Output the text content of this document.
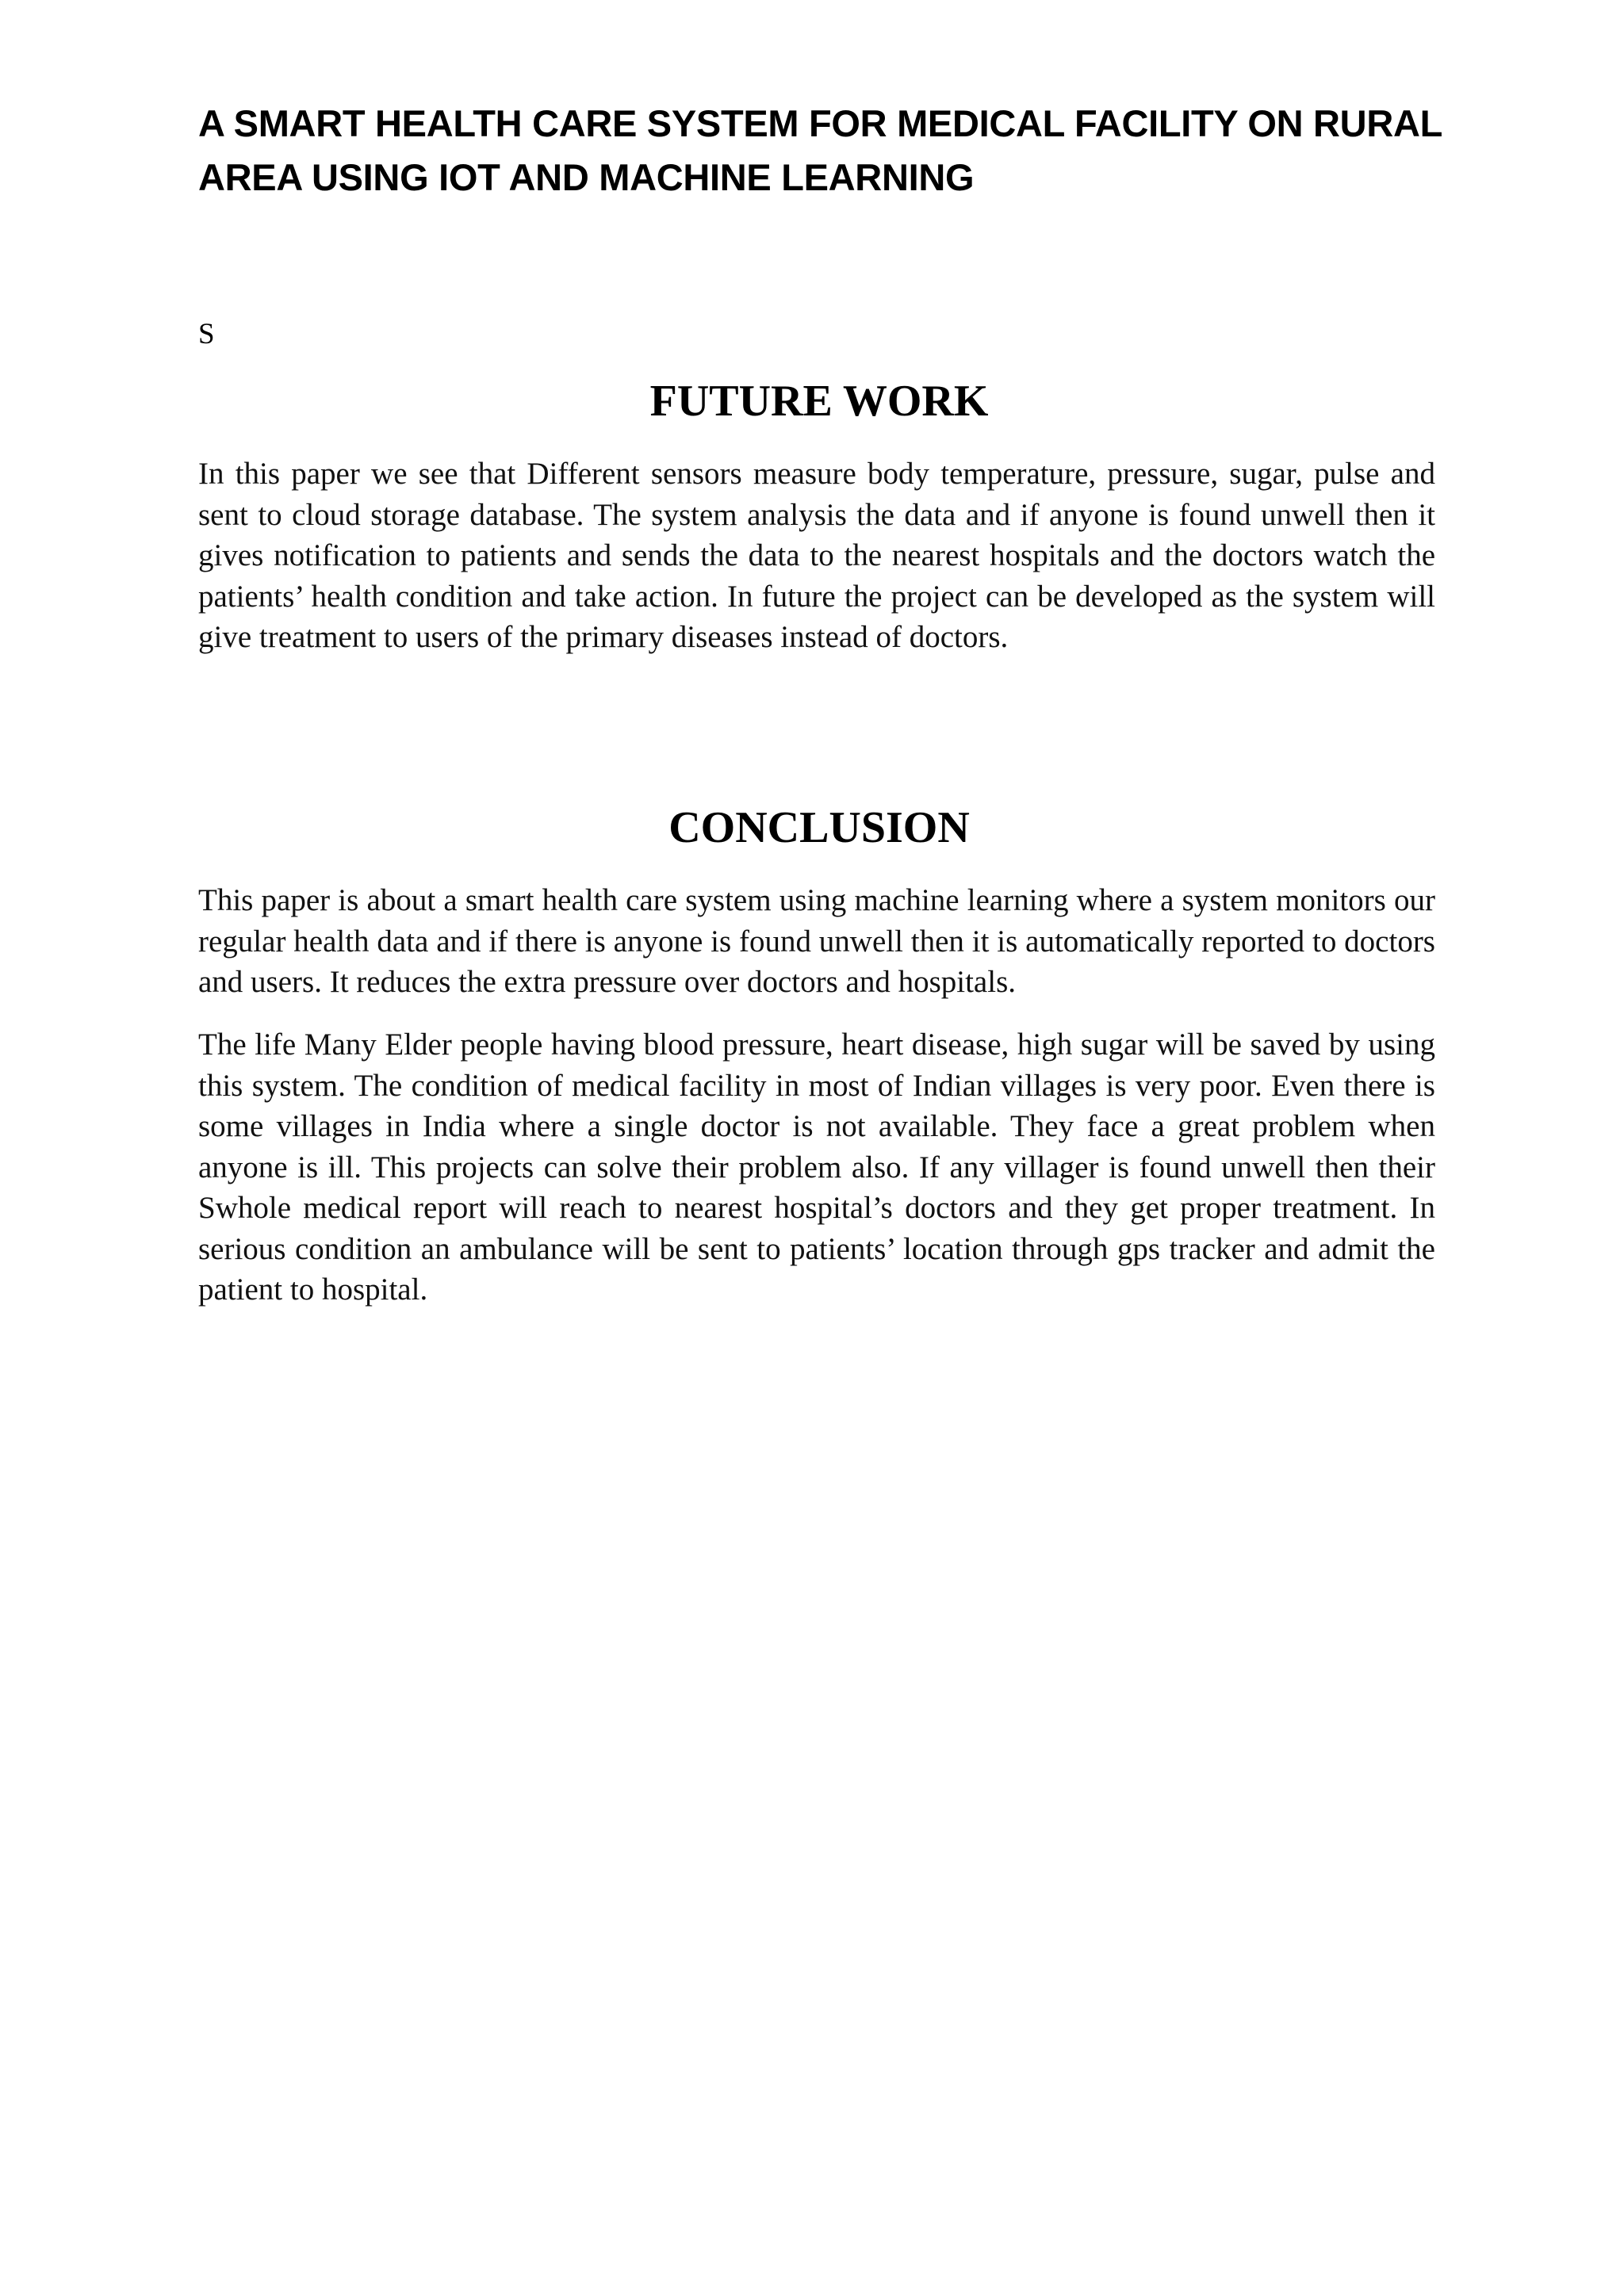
A SMART HEALTH CARE SYSTEM FOR MEDICAL FACILITY ON RURAL AREA USING IOT AND MACHINE LEARNING

S

FUTURE WORK

In this paper we see that Different sensors measure body temperature, pressure, sugar, pulse and sent to cloud storage database. The system analysis the data and if anyone is found unwell then it gives notification to patients and sends the data to the nearest hospitals and the doctors watch the patients’ health condition and take action. In future the project can be developed as the system will give treatment to users of the primary diseases instead of doctors.

CONCLUSION

This paper is about a smart health care system using machine learning where a system monitors our regular health data and if there is anyone is found unwell then it is automatically reported to doctors and users. It reduces the extra pressure over doctors and hospitals.

The life Many Elder people having blood pressure, heart disease, high sugar will be saved by using this system. The condition of medical facility in most of Indian villages is very poor. Even there is some villages in India where a single doctor is not available. They face a great problem when anyone is ill. This projects can solve their problem also. If any villager is found unwell then their Swhole medical report will reach to nearest hospital’s doctors and they get proper treatment. In serious condition an ambulance will be sent to patients’ location through gps tracker and admit the patient to hospital.
